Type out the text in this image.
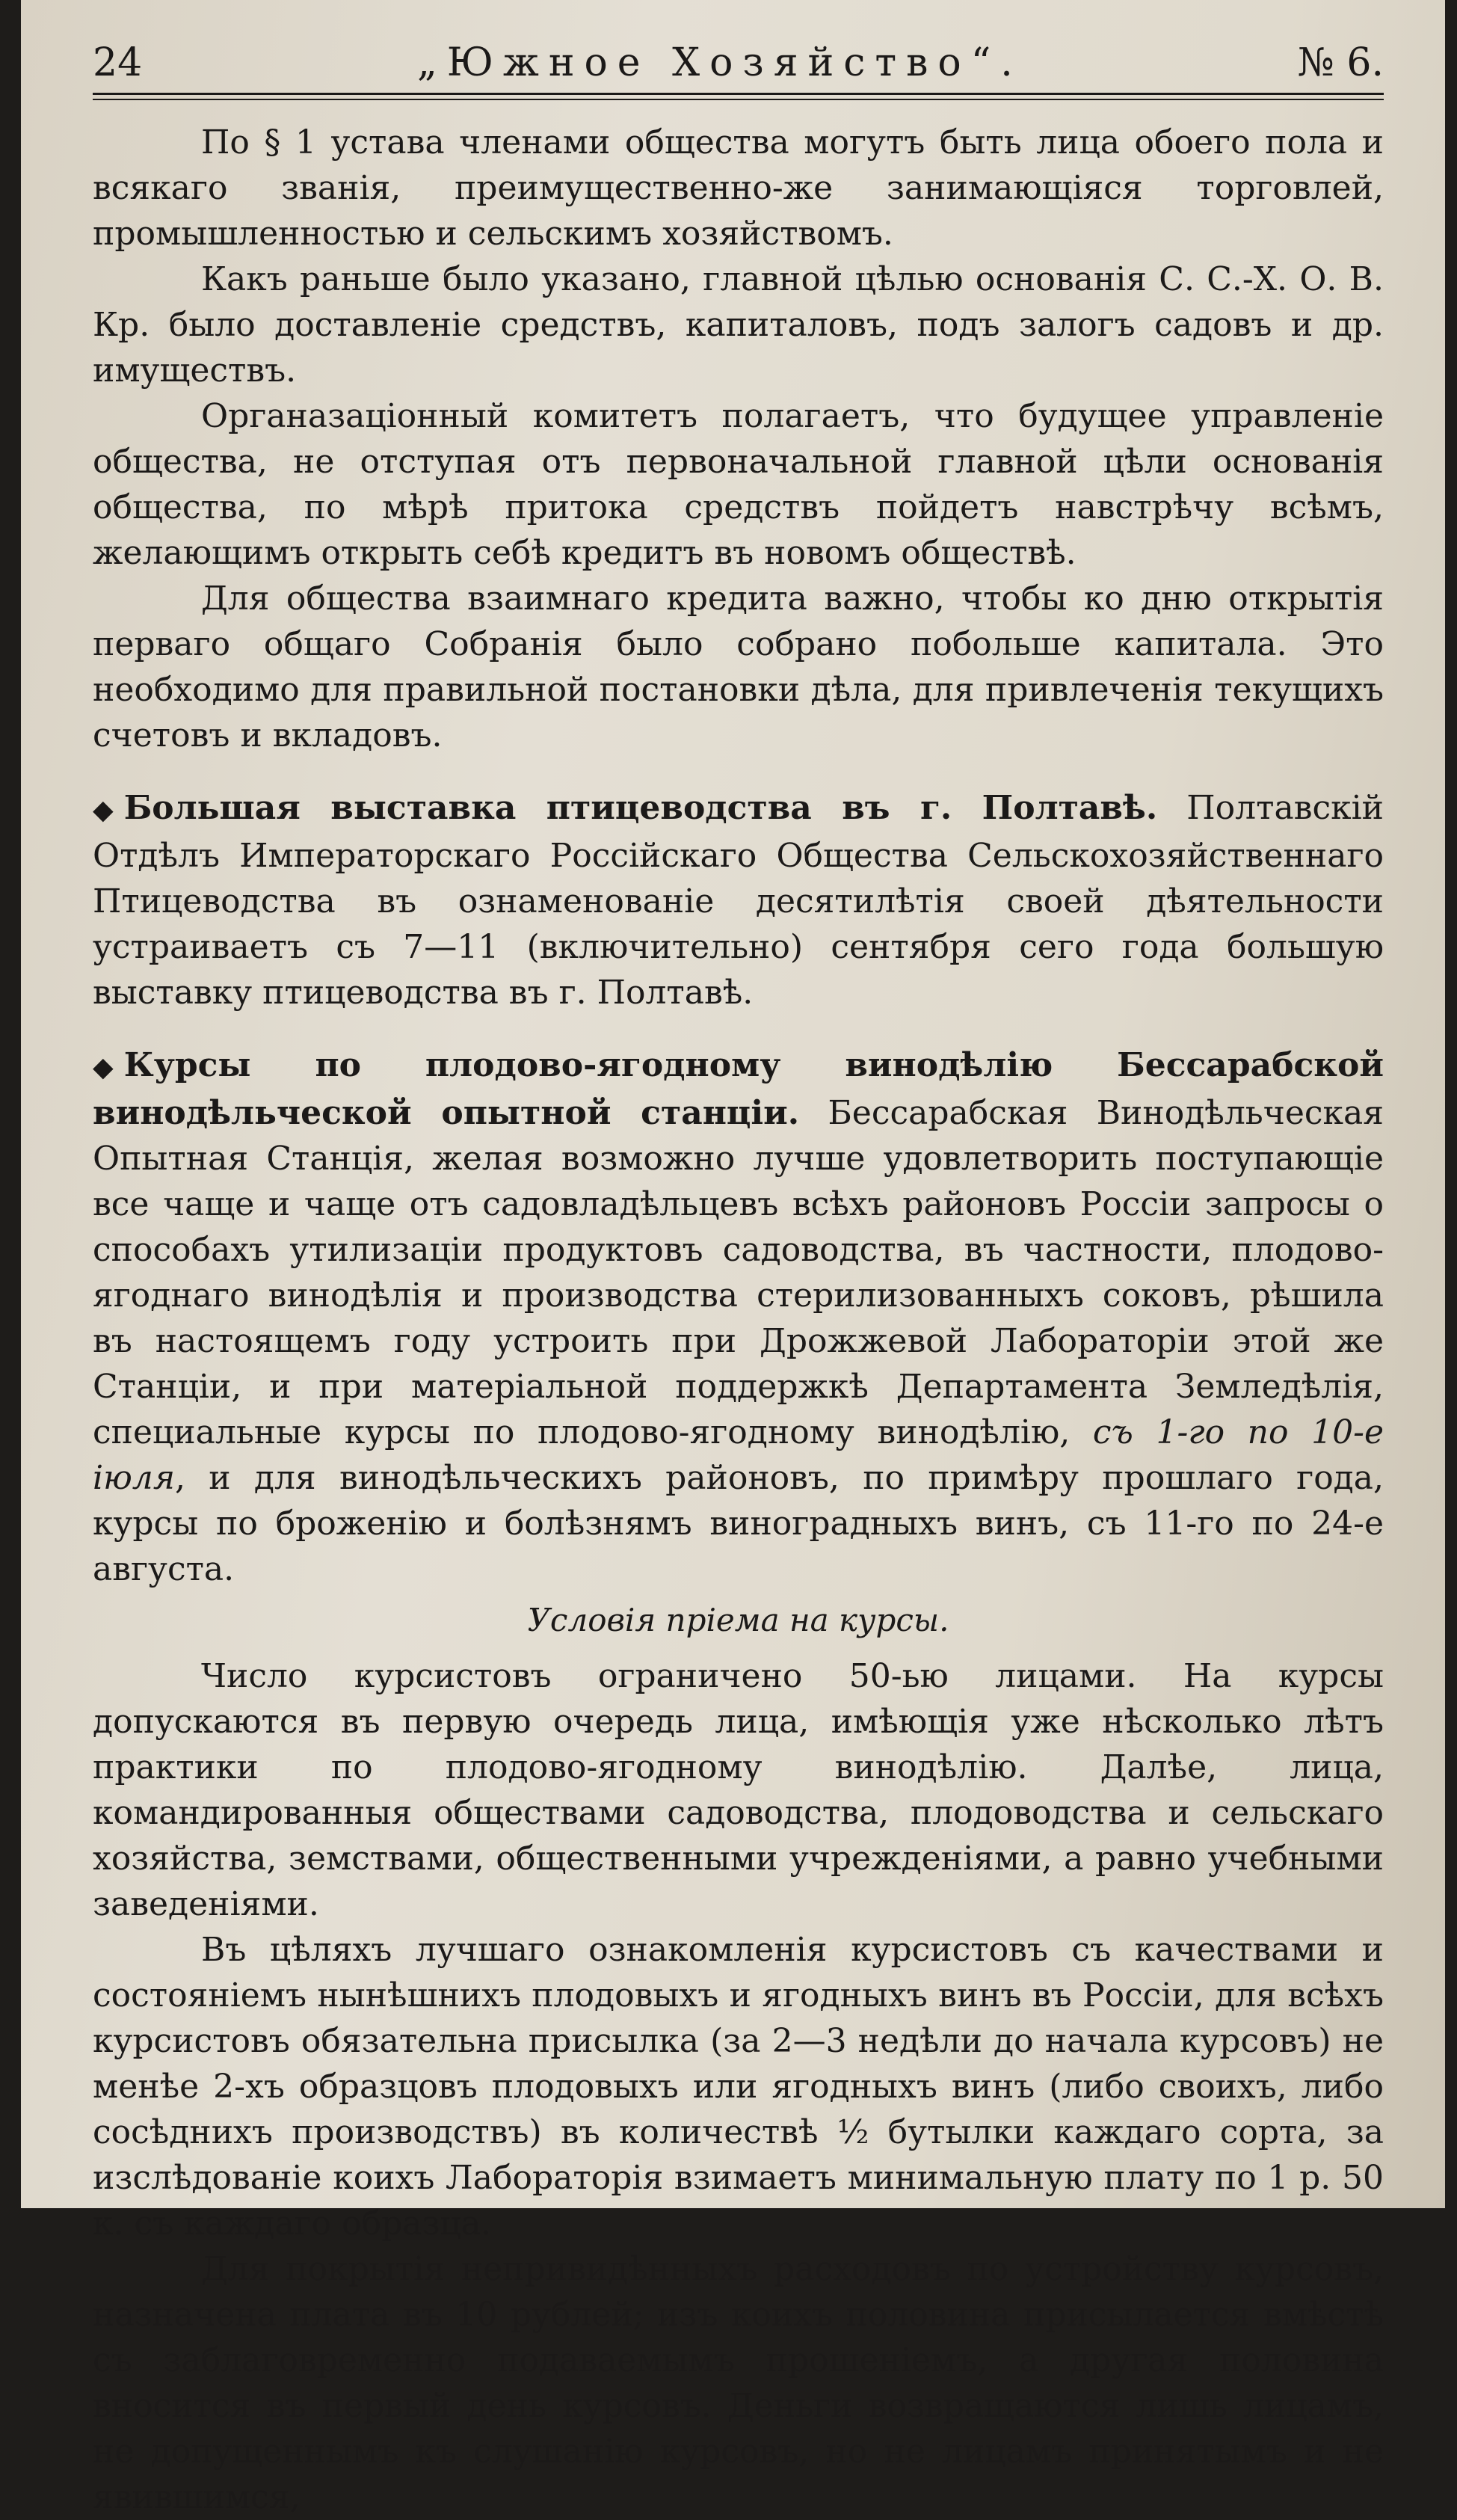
24	„Южное Хозяйство“.	№ 6.

По § 1 устава членами общества могутъ быть лица обоего пола и всякаго званія, преимущественно-же занимающіяся торговлей, промышленностью и сельскимъ хозяйствомъ.

Какъ раньше было указано, главной цѣлью основанія С. С.-Х. О. В. Кр. было доставленіе средствъ, капиталовъ, подъ залогъ садовъ и др. имуществъ.

Органазаціонный комитетъ полагаетъ, что будущее управленіе общества, не отступая отъ первоначальной главной цѣли основанія общества, по мѣрѣ притока средствъ пойдетъ навстрѣчу всѣмъ, желающимъ открыть себѣ кредитъ въ новомъ обществѣ.

Для общества взаимнаго кредита важно, чтобы ко дню открытія перваго общаго Собранія было собрано побольше капитала. Это необходимо для правильной постановки дѣла, для привлеченія текущихъ счетовъ и вкладовъ.

◆ Большая выставка птицеводства въ г. Полтавѣ. Полтавскій Отдѣлъ Императорскаго Россійскаго Общества Сельскохозяйственнаго Птицеводства въ ознаменованіе десятилѣтія своей дѣятельности устраиваетъ съ 7—11 (включительно) сентября сего года большую выставку птицеводства въ г. Полтавѣ.

◆ Курсы по плодово-ягодному винодѣлію Бессарабской винодѣльческой опытной станціи. Бессарабская Винодѣльческая Опытная Станція, желая возможно лучше удовлетворить поступающіе все чаще и чаще отъ садовладѣльцевъ всѣхъ районовъ Россіи запросы о способахъ утилизаціи продуктовъ садоводства, въ частности, плодово-ягоднаго винодѣлія и производства стерилизованныхъ соковъ, рѣшила въ настоящемъ году устроить при Дрожжевой Лабораторіи этой же Станціи, и при матеріальной поддержкѣ Департамента Земледѣлія, специальные курсы по плодово-ягодному винодѣлію, съ 1-го по 10-е іюля, и для винодѣльческихъ районовъ, по примѣру прошлаго года, курсы по броженію и болѣзнямъ виноградныхъ винъ, съ 11-го по 24-е августа.

Условія пріема на курсы.

Число курсистовъ ограничено 50-ью лицами. На курсы допускаются въ первую очередь лица, имѣющія уже нѣсколько лѣтъ практики по плодово-ягодному винодѣлію. Далѣе, лица, командированныя обществами садоводства, плодоводства и сельскаго хозяйства, земствами, общественными учрежденіями, а равно учебными заведеніями.

Въ цѣляхъ лучшаго ознакомленія курсистовъ съ качествами и состояніемъ нынѣшнихъ плодовыхъ и ягодныхъ винъ въ Россіи, для всѣхъ курсистовъ обязательна присылка (за 2—3 недѣли до начала курсовъ) не менѣе 2-хъ образцовъ плодовыхъ или ягодныхъ винъ (либо своихъ, либо сосѣднихъ производствъ) въ количествѣ ½ бутылки каждаго сорта, за изслѣдованіе коихъ Лабораторія взимаетъ минимальную плату по 1 р. 50 к. съ каждаго образца.

Для покрытія непривидѣнныхъ расходовъ по устройству курсовъ, назначена плата въ 10 рублей; изъ коихъ половина присылается вмѣстѣ съ заблаговременно подаваемымъ прошеніемъ, а другая половина вносится въ первый день курсовъ. Деньги возвращаются лишь лицамъ, не допущеннымъ къ слушанію курсовъ, но не лицамъ принятымъ и не явившимся,
